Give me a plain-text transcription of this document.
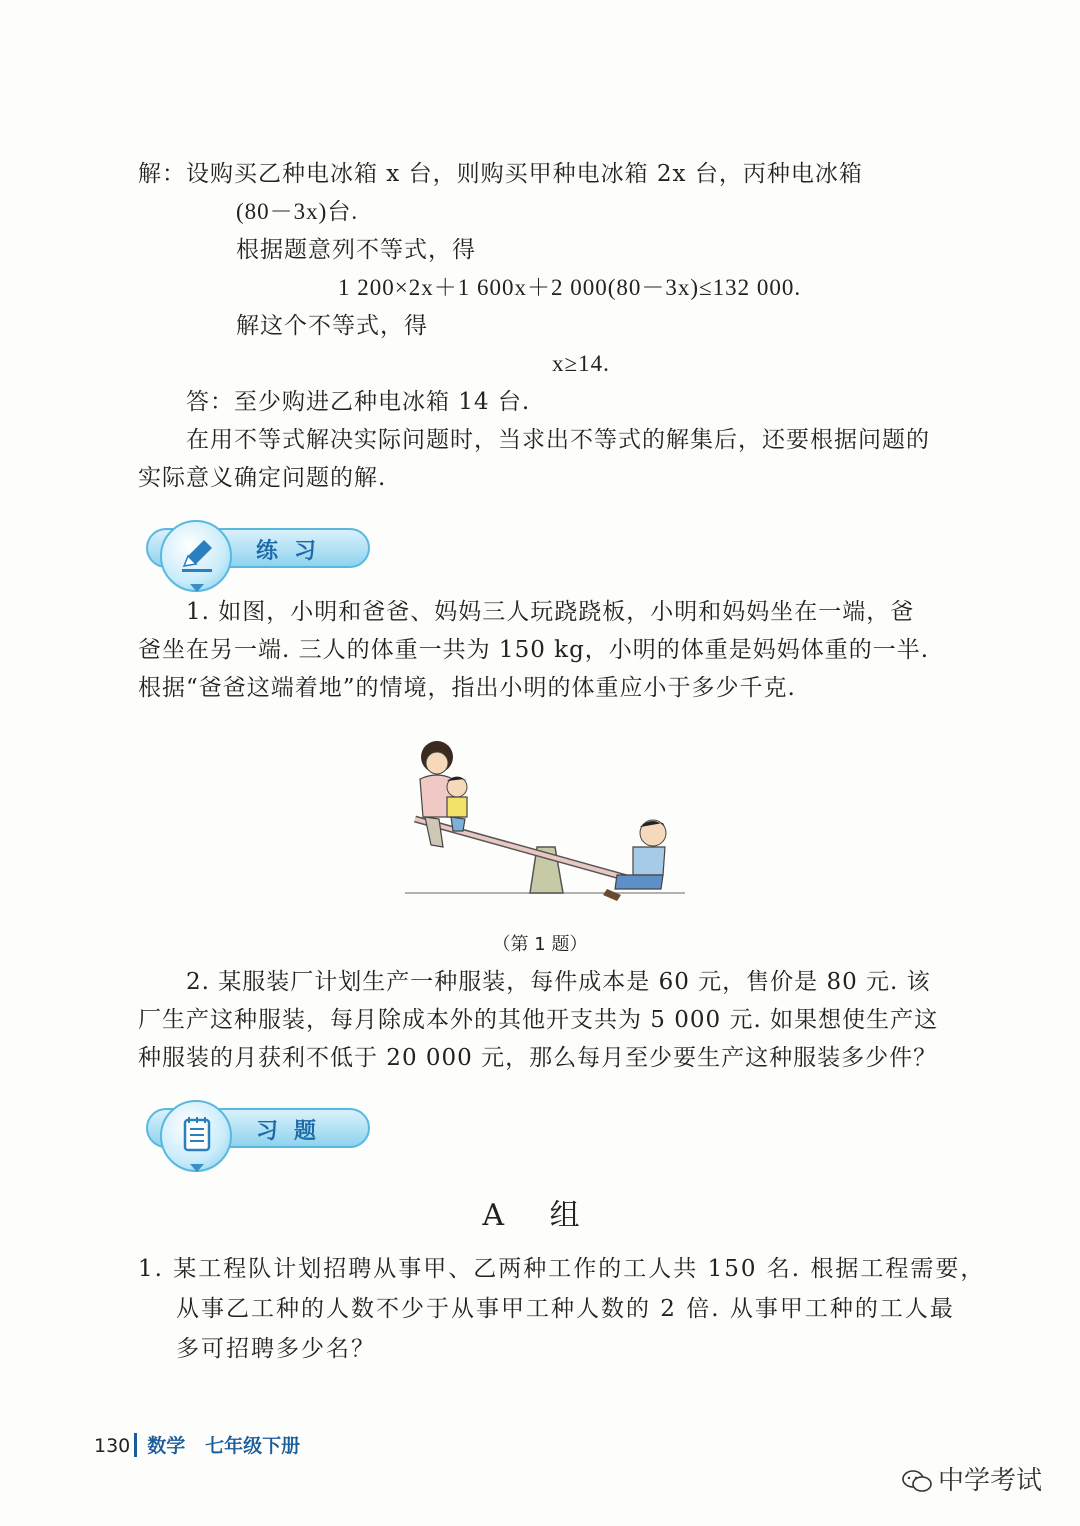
解：设购买乙种电冰箱 x 台，则购买甲种电冰箱 2x 台，丙种电冰箱
(80－3x)台.
根据题意列不等式，得
1 200×2x＋1 600x＋2 000(80－3x)≤132 000.
解这个不等式，得
x≥14.
答：至少购进乙种电冰箱 14 台.
在用不等式解决实际问题时，当求出不等式的解集后，还要根据问题的
实际意义确定问题的解.
练习
1. 如图，小明和爸爸、妈妈三人玩跷跷板，小明和妈妈坐在一端，爸
爸坐在另一端. 三人的体重一共为 150 kg，小明的体重是妈妈体重的一半.
根据“爸爸这端着地”的情境，指出小明的体重应小于多少千克.
（第 1 题）
2. 某服装厂计划生产一种服装，每件成本是 60 元，售价是 80 元. 该
厂生产这种服装，每月除成本外的其他开支共为 5 000 元. 如果想使生产这
种服装的月获利不低于 20 000 元，那么每月至少要生产这种服装多少件？
习题
A 组
1. 某工程队计划招聘从事甲、乙两种工作的工人共 150 名. 根据工程需要，
从事乙工种的人数不少于从事甲工种人数的 2 倍. 从事甲工种的工人最
多可招聘多少名？
130 数学 七年级下册
中学考试
